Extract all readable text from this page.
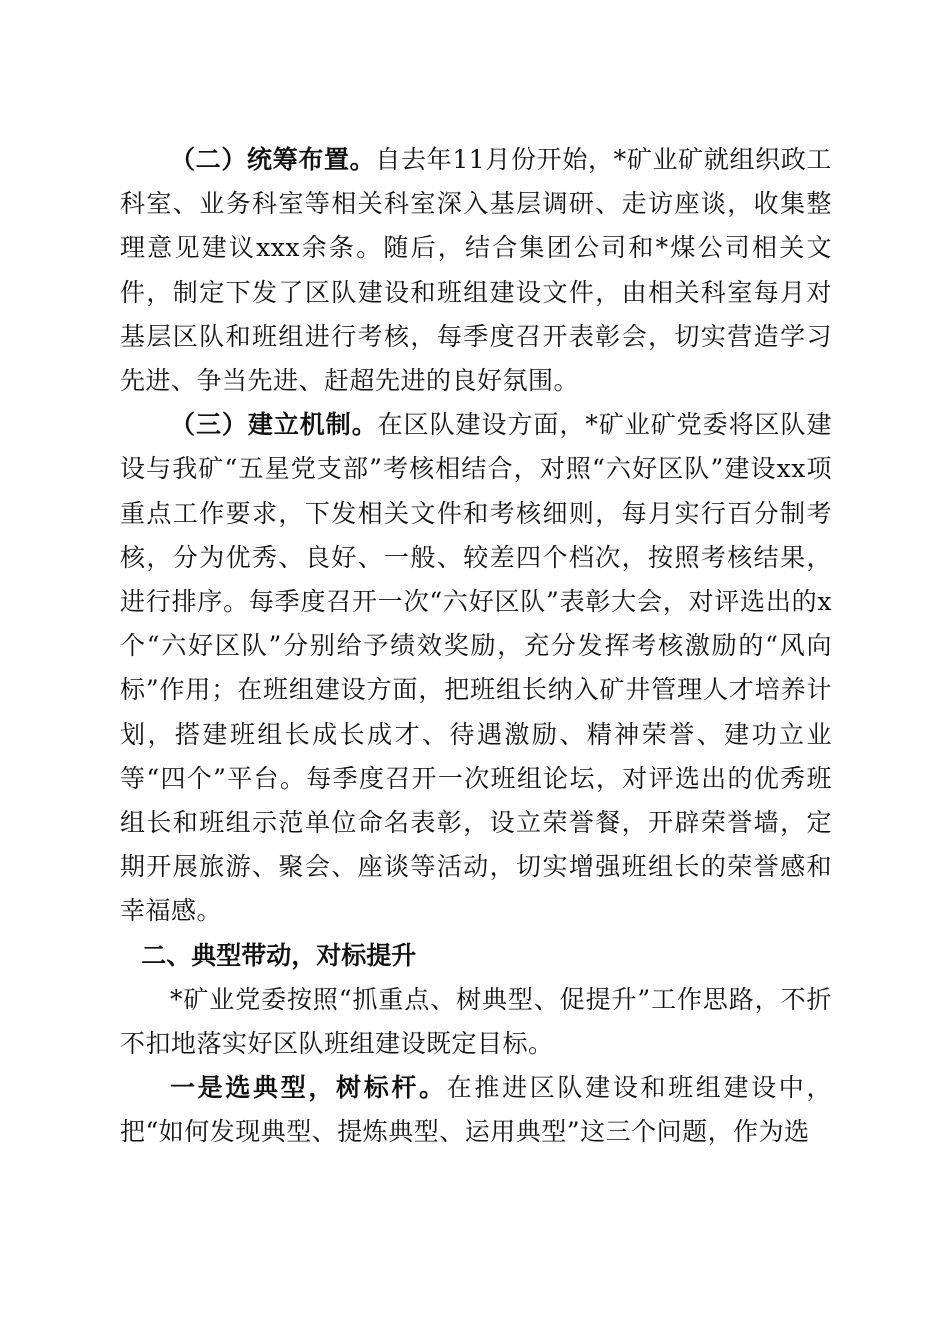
（二）统筹布置。自去年11月份开始，*矿业矿就组织政工科室、业务科室等相关科室深入基层调研、走访座谈，收集整理意见建议xxx余条。随后，结合集团公司和*煤公司相关文件，制定下发了区队建设和班组建设文件，由相关科室每月对基层区队和班组进行考核，每季度召开表彰会，切实营造学习先进、争当先进、赶超先进的良好氛围。

（三）建立机制。在区队建设方面，*矿业矿党委将区队建设与我矿“五星党支部”考核相结合，对照“六好区队”建设xx项重点工作要求，下发相关文件和考核细则，每月实行百分制考核，分为优秀、良好、一般、较差四个档次，按照考核结果，进行排序。每季度召开一次“六好区队”表彰大会，对评选出的x个“六好区队”分别给予绩效奖励，充分发挥考核激励的“风向标”作用；在班组建设方面，把班组长纳入矿井管理人才培养计划，搭建班组长成长成才、待遇激励、精神荣誉、建功立业等“四个”平台。每季度召开一次班组论坛，对评选出的优秀班组长和班组示范单位命名表彰，设立荣誉餐，开辟荣誉墙，定期开展旅游、聚会、座谈等活动，切实增强班组长的荣誉感和幸福感。

二、典型带动，对标提升

*矿业党委按照“抓重点、树典型、促提升”工作思路，不折不扣地落实好区队班组建设既定目标。

一是选典型，树标杆。在推进区队建设和班组建设中，把“如何发现典型、提炼典型、运用典型”这三个问题，作为选
